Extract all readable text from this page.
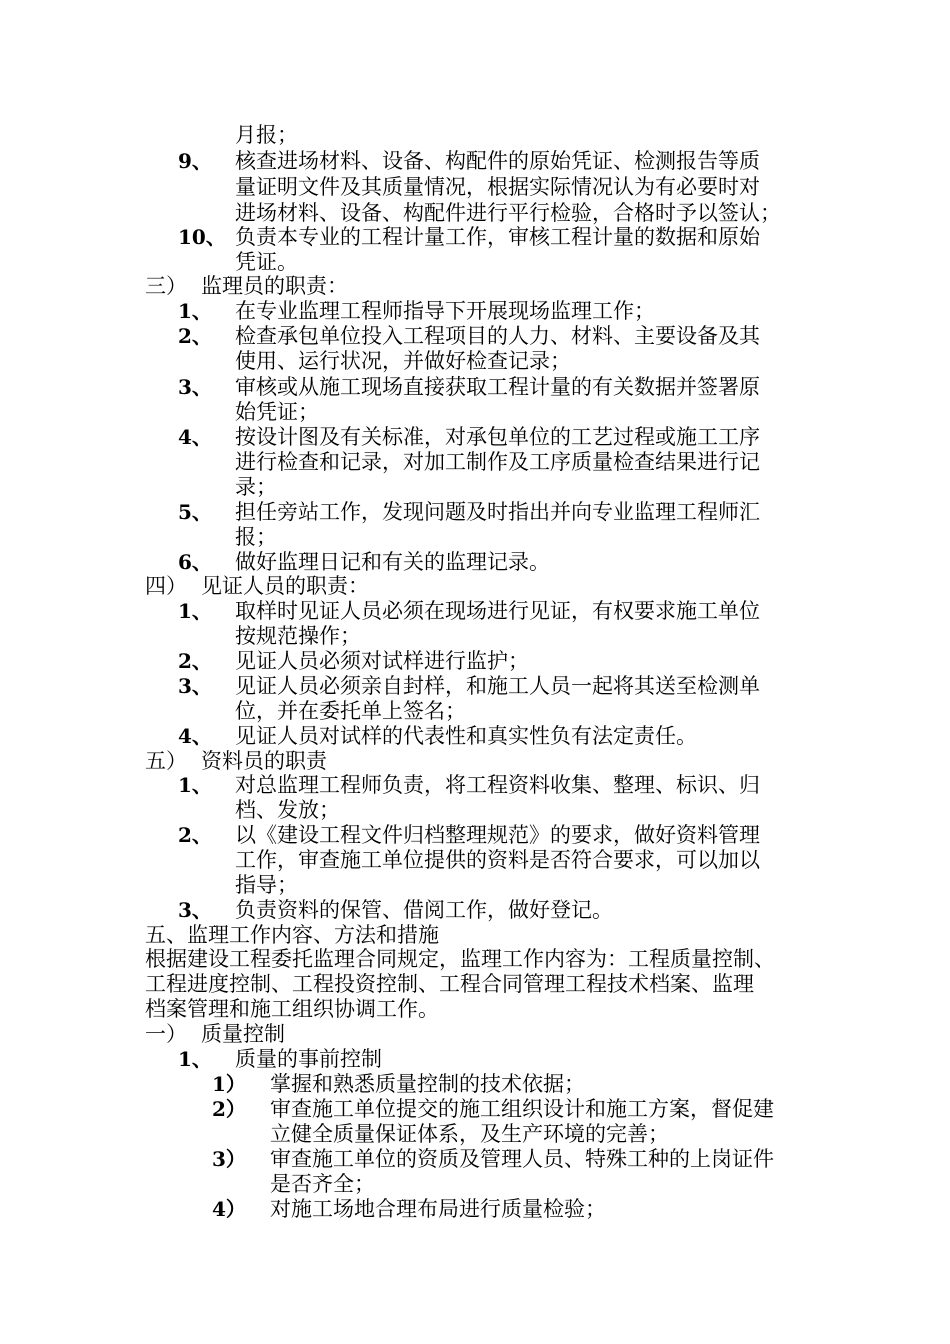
月报；
9、 核查进场材料、设备、构配件的原始凭证、检测报告等质
量证明文件及其质量情况，根据实际情况认为有必要时对
进场材料、设备、构配件进行平行检验，合格时予以签认；
10、 负责本专业的工程计量工作，审核工程计量的数据和原始
凭证。
三） 监理员的职责：
1、 在专业监理工程师指导下开展现场监理工作；
2、 检查承包单位投入工程项目的人力、材料、主要设备及其
使用、运行状况，并做好检查记录；
3、 审核或从施工现场直接获取工程计量的有关数据并签署原
始凭证；
4、 按设计图及有关标准，对承包单位的工艺过程或施工工序
进行检查和记录，对加工制作及工序质量检查结果进行记
录；
5、 担任旁站工作，发现问题及时指出并向专业监理工程师汇
报；
6、 做好监理日记和有关的监理记录。
四） 见证人员的职责：
1、 取样时见证人员必须在现场进行见证，有权要求施工单位
按规范操作；
2、 见证人员必须对试样进行监护；
3、 见证人员必须亲自封样，和施工人员一起将其送至检测单
位，并在委托单上签名；
4、 见证人员对试样的代表性和真实性负有法定责任。
五） 资料员的职责
1、 对总监理工程师负责，将工程资料收集、整理、标识、归
档、发放；
2、 以《建设工程文件归档整理规范》的要求，做好资料管理
工作，审查施工单位提供的资料是否符合要求，可以加以
指导；
3、 负责资料的保管、借阅工作，做好登记。
五、监理工作内容、方法和措施
根据建设工程委托监理合同规定，监理工作内容为：工程质量控制、
工程进度控制、工程投资控制、工程合同管理工程技术档案、监理
档案管理和施工组织协调工作。
一） 质量控制
1、 质量的事前控制
1） 掌握和熟悉质量控制的技术依据；
2） 审查施工单位提交的施工组织设计和施工方案，督促建
立健全质量保证体系，及生产环境的完善；
3） 审查施工单位的资质及管理人员、特殊工种的上岗证件
是否齐全；
4） 对施工场地合理布局进行质量检验；
